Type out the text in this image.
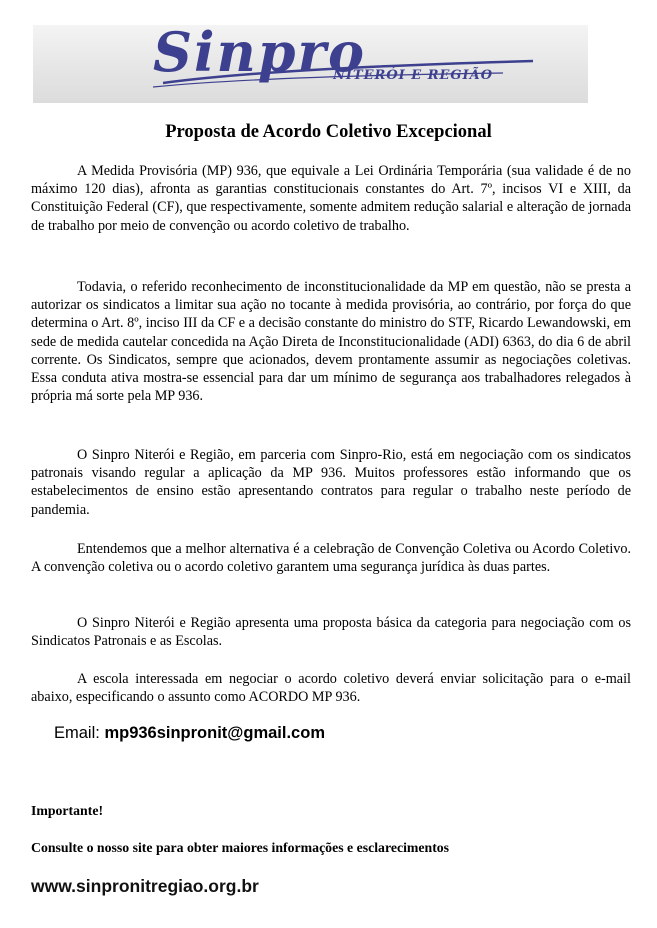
Sinpro
NITERÓI E REGIÃO
Proposta de Acordo Coletivo Excepcional

A Medida Provisória (MP) 936, que equivale a Lei Ordinária Temporária (sua validade é de no máximo 120 dias), afronta as garantias constitucionais constantes do Art. 7º, incisos VI e XIII, da Constituição Federal (CF), que respectivamente, somente admitem redução salarial e alteração de jornada de trabalho por meio de convenção ou acordo coletivo de trabalho.

Todavia, o referido reconhecimento de inconstitucionalidade da MP em questão, não se presta a autorizar os sindicatos a limitar sua ação no tocante à medida provisória, ao contrário, por força do que determina o Art. 8º, inciso III da CF e a decisão constante do ministro do STF, Ricardo Lewandowski, em sede de medida cautelar concedida na Ação Direta de Inconstitucionalidade (ADI) 6363, do dia 6 de abril corrente. Os Sindicatos, sempre que acionados, devem prontamente assumir as negociações coletivas. Essa conduta ativa mostra-se essencial para dar um mínimo de segurança aos trabalhadores relegados à própria má sorte pela MP 936.

O Sinpro Niterói e Região, em parceria com Sinpro-Rio, está em negociação com os sindicatos patronais visando regular a aplicação da MP 936. Muitos professores estão informando que os estabelecimentos de ensino estão apresentando contratos para regular o trabalho neste período de pandemia.

Entendemos que a melhor alternativa é a celebração de Convenção Coletiva ou Acordo Coletivo. A convenção coletiva ou o acordo coletivo garantem uma segurança jurídica às duas partes.

O Sinpro Niterói e Região apresenta uma proposta básica da categoria para negociação com os Sindicatos Patronais e as Escolas.

A escola interessada em negociar o acordo coletivo deverá enviar solicitação para o e-mail abaixo, especificando o assunto como ACORDO MP 936.

Email: mp936sinpronit@gmail.com

Importante!

Consulte o nosso site para obter maiores informações e esclarecimentos

www.sinpronitregiao.org.br
